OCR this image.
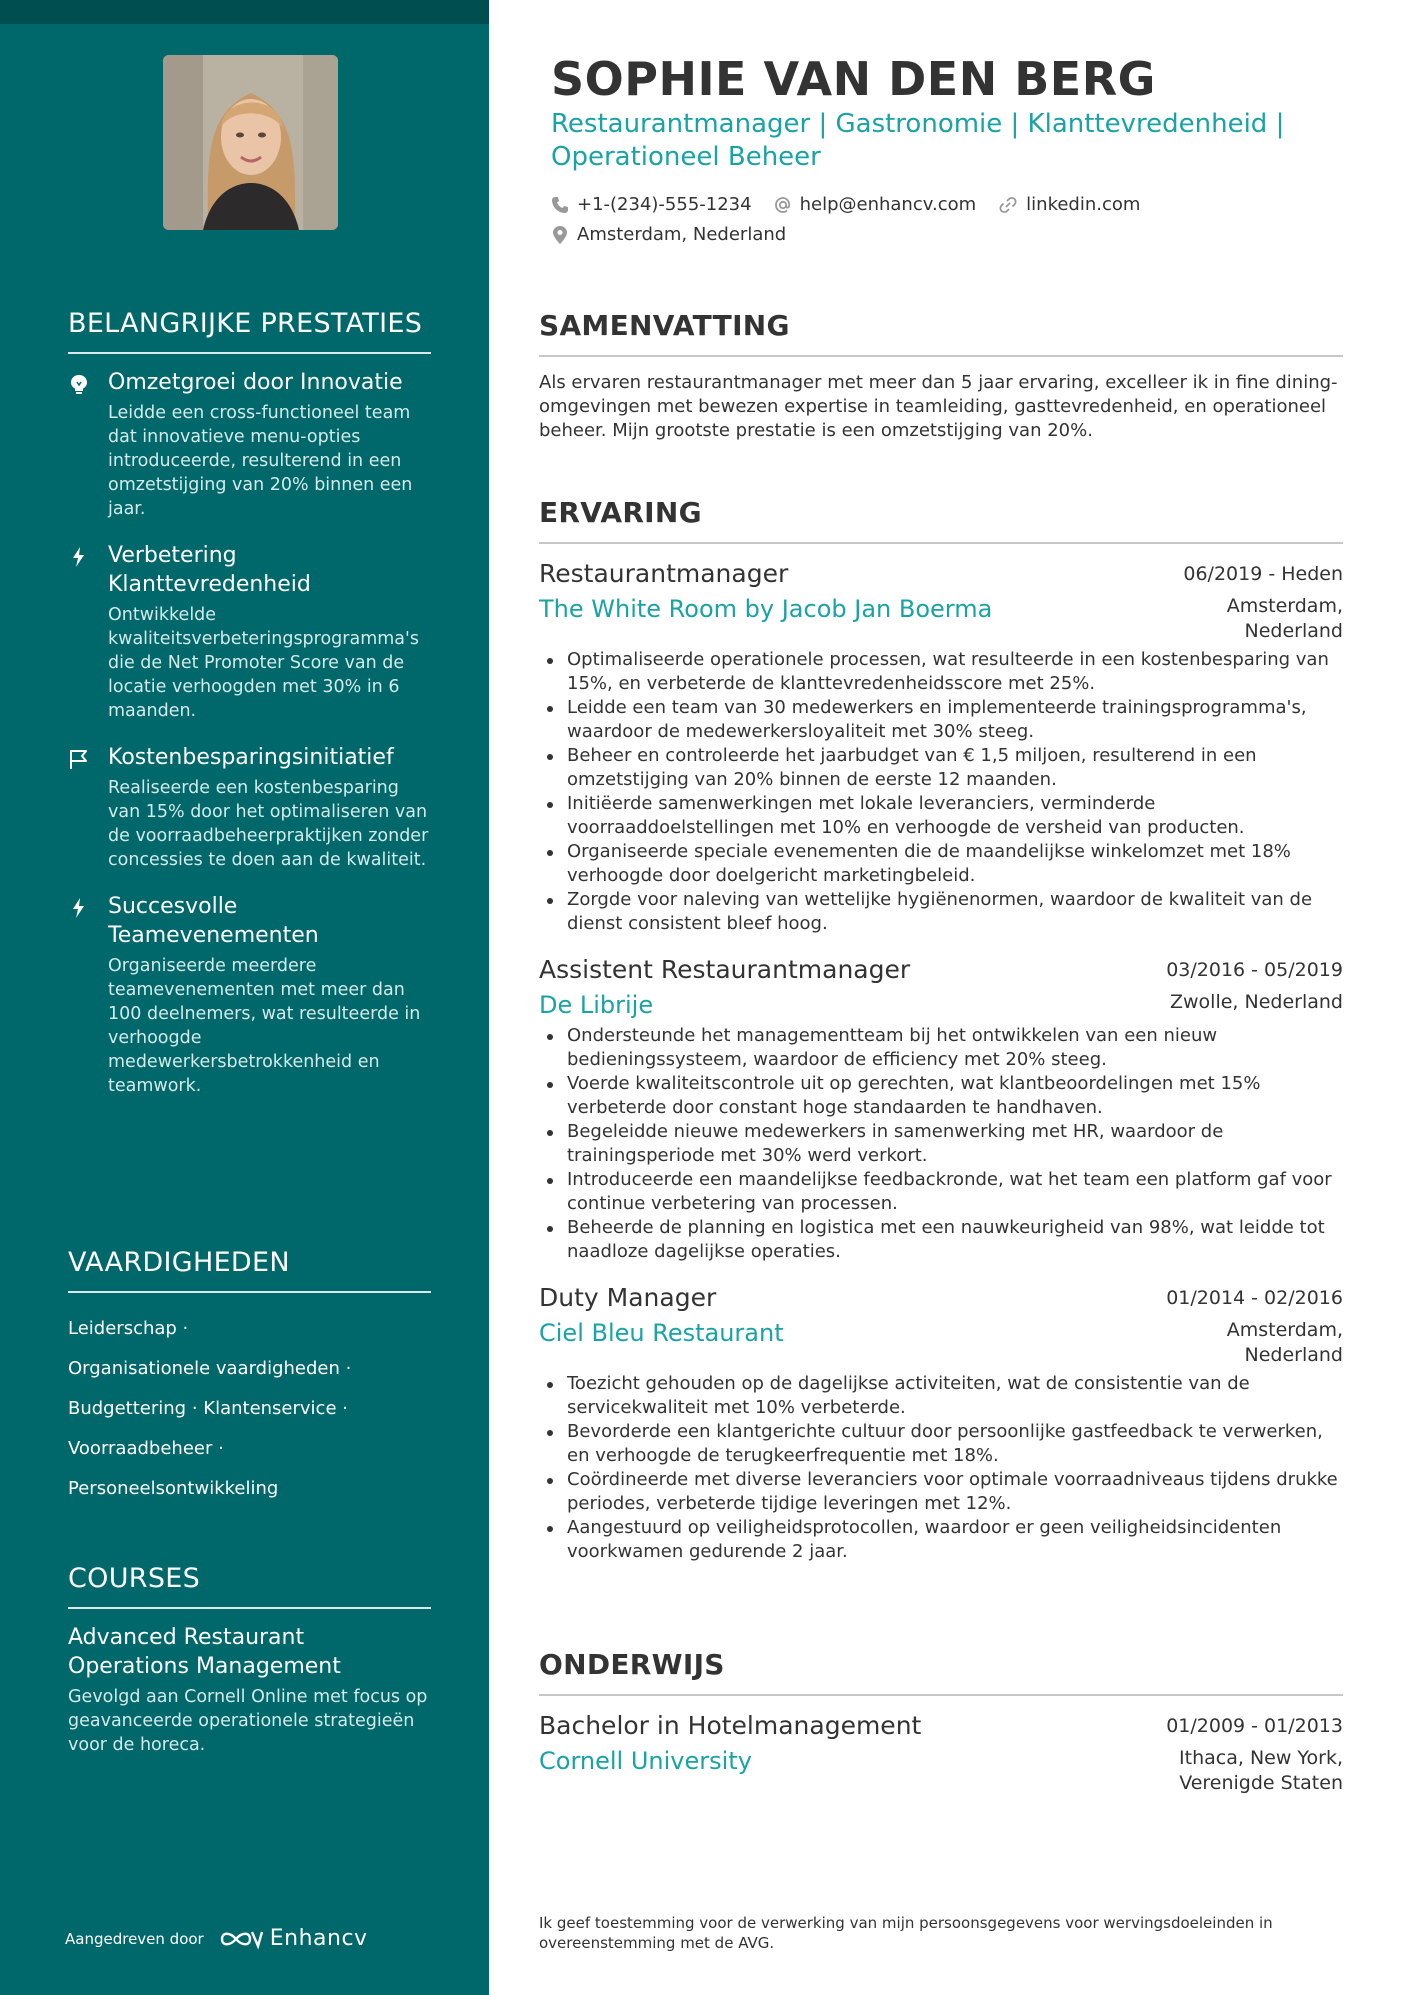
BELANGRIJKE PRESTATIES
Omzetgroei door Innovatie
Leidde een cross-functioneel team dat innovatieve menu-opties introduceerde, resulterend in een omzetstijging van 20% binnen een jaar.
Verbetering Klanttevredenheid
Ontwikkelde kwaliteitsverbeteringsprogramma's die de Net Promoter Score van de locatie verhoogden met 30% in 6 maanden.
Kostenbesparingsinitiatief
Realiseerde een kostenbesparing van 15% door het optimaliseren van de voorraadbeheerpraktijken zonder concessies te doen aan de kwaliteit.
Succesvolle Teamevenementen
Organiseerde meerdere teamevenementen met meer dan 100 deelnemers, wat resulteerde in verhoogde medewerkersbetrokkenheid en teamwork.
VAARDIGHEDEN
Leiderschap ·
Organisationele vaardigheden ·
Budgettering · Klantenservice ·
Voorraadbeheer ·
Personeelsontwikkeling
COURSES
Advanced Restaurant Operations Management
Gevolgd aan Cornell Online met focus op geavanceerde operationele strategieën voor de horeca.
Aangedreven door	Enhancv
SOPHIE VAN DEN BERG
Restaurantmanager | Gastronomie | Klanttevredenheid | Operationeel Beheer
+1-(234)-555-1234	help@enhancv.com	linkedin.com
Amsterdam, Nederland
SAMENVATTING

Als ervaren restaurantmanager met meer dan 5 jaar ervaring, excelleer ik in fine dining-omgevingen met bewezen expertise in teamleiding, gasttevredenheid, en operationeel beheer. Mijn grootste prestatie is een omzetstijging van 20%.

ERVARING
Restaurantmanager	06/2019 - Heden
The White Room by Jacob Jan Boerma	Amsterdam, Nederland
Optimaliseerde operationele processen, wat resulteerde in een kostenbesparing van 15%, en verbeterde de klanttevredenheidsscore met 25%.
Leidde een team van 30 medewerkers en implementeerde trainingsprogramma's, waardoor de medewerkersloyaliteit met 30% steeg.
Beheer en controleerde het jaarbudget van € 1,5 miljoen, resulterend in een omzetstijging van 20% binnen de eerste 12 maanden.
Initiëerde samenwerkingen met lokale leveranciers, verminderde voorraaddoelstellingen met 10% en verhoogde de versheid van producten.
Organiseerde speciale evenementen die de maandelijkse winkelomzet met 18% verhoogde door doelgericht marketingbeleid.
Zorgde voor naleving van wettelijke hygiënenormen, waardoor de kwaliteit van de dienst consistent bleef hoog.
Assistent Restaurantmanager	03/2016 - 05/2019
De Librije	Zwolle, Nederland
Ondersteunde het managementteam bij het ontwikkelen van een nieuw bedieningssysteem, waardoor de efficiency met 20% steeg.
Voerde kwaliteitscontrole uit op gerechten, wat klantbeoordelingen met 15% verbeterde door constant hoge standaarden te handhaven.
Begeleidde nieuwe medewerkers in samenwerking met HR, waardoor de trainingsperiode met 30% werd verkort.
Introduceerde een maandelijkse feedbackronde, wat het team een platform gaf voor continue verbetering van processen.
Beheerde de planning en logistica met een nauwkeurigheid van 98%, wat leidde tot naadloze dagelijkse operaties.
Duty Manager	01/2014 - 02/2016
Ciel Bleu Restaurant	Amsterdam, Nederland
Toezicht gehouden op de dagelijkse activiteiten, wat de consistentie van de servicekwaliteit met 10% verbeterde.
Bevorderde een klantgerichte cultuur door persoonlijke gastfeedback te verwerken, en verhoogde de terugkeerfrequentie met 18%.
Coördineerde met diverse leveranciers voor optimale voorraadniveaus tijdens drukke periodes, verbeterde tijdige leveringen met 12%.
Aangestuurd op veiligheidsprotocollen, waardoor er geen veiligheidsincidenten voorkwamen gedurende 2 jaar.
ONDERWIJS
Bachelor in Hotelmanagement	01/2009 - 01/2013
Cornell University	Ithaca, New York, Verenigde Staten

Ik geef toestemming voor de verwerking van mijn persoonsgegevens voor wervingsdoeleinden in overeenstemming met de AVG.
